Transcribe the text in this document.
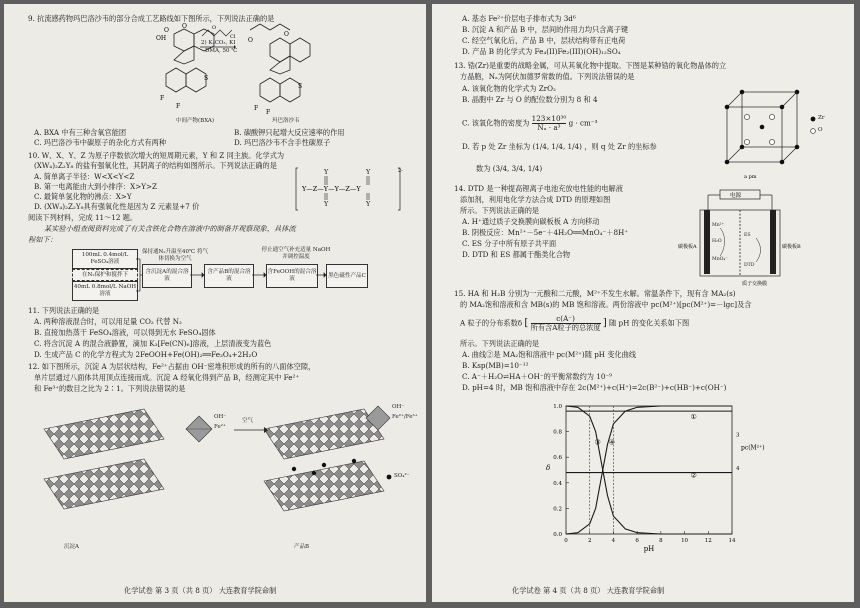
9. 抗流感药物玛巴洛沙韦的部分合成工艺路线如下图所示，下列说法正确的是
O
OH
O
F
S
F
2) K₂CO₃, KI
DMA, 50 ℃
O
Cl O
O
F
S
F
中间产物(BXA)	玛巴洛沙韦
A. BXA 中有三种含氧官能团	B. 碳酸钾只起增大反应速率的作用
C. 玛巴洛沙韦中碳原子的杂化方式有两种	D. 玛巴洛沙韦不含手性碳原子
10. W、X、Y、Z 为原子序数依次增大的短周期元素，Y 和 Z 同主族。化学式为
(XW₄)₂Z₂Y₈ 的盐有强氧化性，其阴离子的结构如图所示。下列说法正确的是
A. 简单离子半径：W<X<Y<Z
B. 第一电离能由大到小排序：X>Y>Z
C. 最简单氢化物的沸点：X>Y
D. (XW₄)₂Z₂Y₈具有强氧化性是因为 Z 元素显+7 价
Y	Y
Y	Y
Y—Z—Y—Y—Z—Y
2-
阅读下列材料，完成 11～12 题。
某实验小组查阅资料完成了有关含铁化合物在溶液中的制备并观察现象，具体流
程如下：
100mL 0.4mol/L FeSO₄溶液
在N₂保护和搅拌下
40mL 0.8mol/L NaOH溶液
保持通N₂升温至40℃ 将气体切换为空气
含沉淀A的混合溶液
含产品B的混合溶液
停止通空气补充适量 NaOH并调控温度
含FeOOH的混合溶液
黑色磁性产品C
11. 下列说法正确的是
A. 两种溶液混合时，可以用足量 CO₂ 代替 N₂
B. 直接加热蒸干 FeSO₄溶液，可以得到无水 FeSO₄固体
C. 将含沉淀 A 的混合液静置，滴加 K₃[Fe(CN)₆]溶液，上层清液变为蓝色
D. 生成产品 C 的化学方程式为 2FeOOH+Fe(OH)₂══Fe₃O₄+2H₂O
12. 如下图所示，沉淀 A 为层状结构，Fe²⁺占据由 OH⁻密堆积形成的所有的八面体空隙，
单片层通过八面体共用顶点连接而成。沉淀 A 经氧化得到产品 B，经测定其中 Fe²⁺
和 Fe³⁺的数目之比为 2∶1。下列说法错误的是
OH⁻
Fe²⁺
空气
OH⁻
Fe²⁺/Fe³⁺
SO₄²⁻
沉淀A	产品B
化学试卷 第 3 页（共 8 页） 大连教育学院命制
A. 基态 Fe²⁺价层电子排布式为 3d⁶
B. 沉淀 A 和产品 B 中，层间的作用力均只含离子键
C. 经空气氧化后，产品 B 中，层状结构带有正电荷
D. 产品 B 的化学式为 Fe₄(II)Fe₂(III)(OH)₁₂SO₄
13. 锆(Zr)是重要的战略金属，可从其氧化物中提取。下图是某种锆的氧化物晶体的立
方晶胞，Nₐ为阿伏加德罗常数的值。下列说法错误的是
A. 该氧化物的化学式为 ZrO₂
B. 晶胞中 Zr 与 O 的配位数分别为 8 和 4
C. 该氧化物的密度为 $\frac{\text{123×10³⁰}}{\text{Nₐ · a³}}$ g · cm⁻³
D. 若 p 处 Zr 坐标为 (1/4, 1/4, 1/4) ，则 q 处 Zr 的坐标参
数为 (3/4, 3/4, 1/4)
a pm
Zr
O
14. DTD 是一种提高锂离子电池充放电性能的电解液
添加剂，利用电化学方法合成 DTD 的原理如图
所示。下列说法正确的是
A. H⁺通过质子交换膜向碳板板 A 方向移动
B. 阴极反应：Mn²⁺－5e⁻＋4H₂O══MnO₄⁻＋8H⁺
C. ES 分子中所有原子共平面
D. DTD 和 ES 都属于酯类化合物
电源
Mn²⁺
H₂O
MnO₄⁻
ES
DTD
质子交换膜
碳极板A	碳极板B
15. HA 和 H₂B 分别为一元酸和二元酸，M²⁺不发生水解。常温条件下，现有含 MA₂(s)
的 MA₂饱和溶液和含 MB(s)的 MB 饱和溶液。两份溶液中 pc(M²⁺)[pc(M²⁺)=－lgc]及含
A 粒子的分布系数δ [ $\frac{c(A^-)}{\text{所有含A粒子的总浓度}}$ ] 随 pH 的变化关系如下图
所示。下列说法正确的是
A. 曲线②是 MA₂饱和溶液中 pc(M²⁺)随 pH 变化曲线
B. Ksp(MB)=10⁻¹²
C. A⁻＋H₂O⇌HA＋OH⁻的平衡常数约为 10⁻⁹
D. pH=4 时，MB 饱和溶液中存在 2c(M²⁺)+c(H⁺)=2c(B²⁻)+c(HB⁻)+c(OH⁻)
0.0
0.2
0.4
0.6
0.8
1.0
0	2	4	6	8	10	12	14
pH
δ
①
②
③ ④
3
pc(M²⁺)
4
化学试卷 第 4 页（共 8 页） 大连教育学院命制
